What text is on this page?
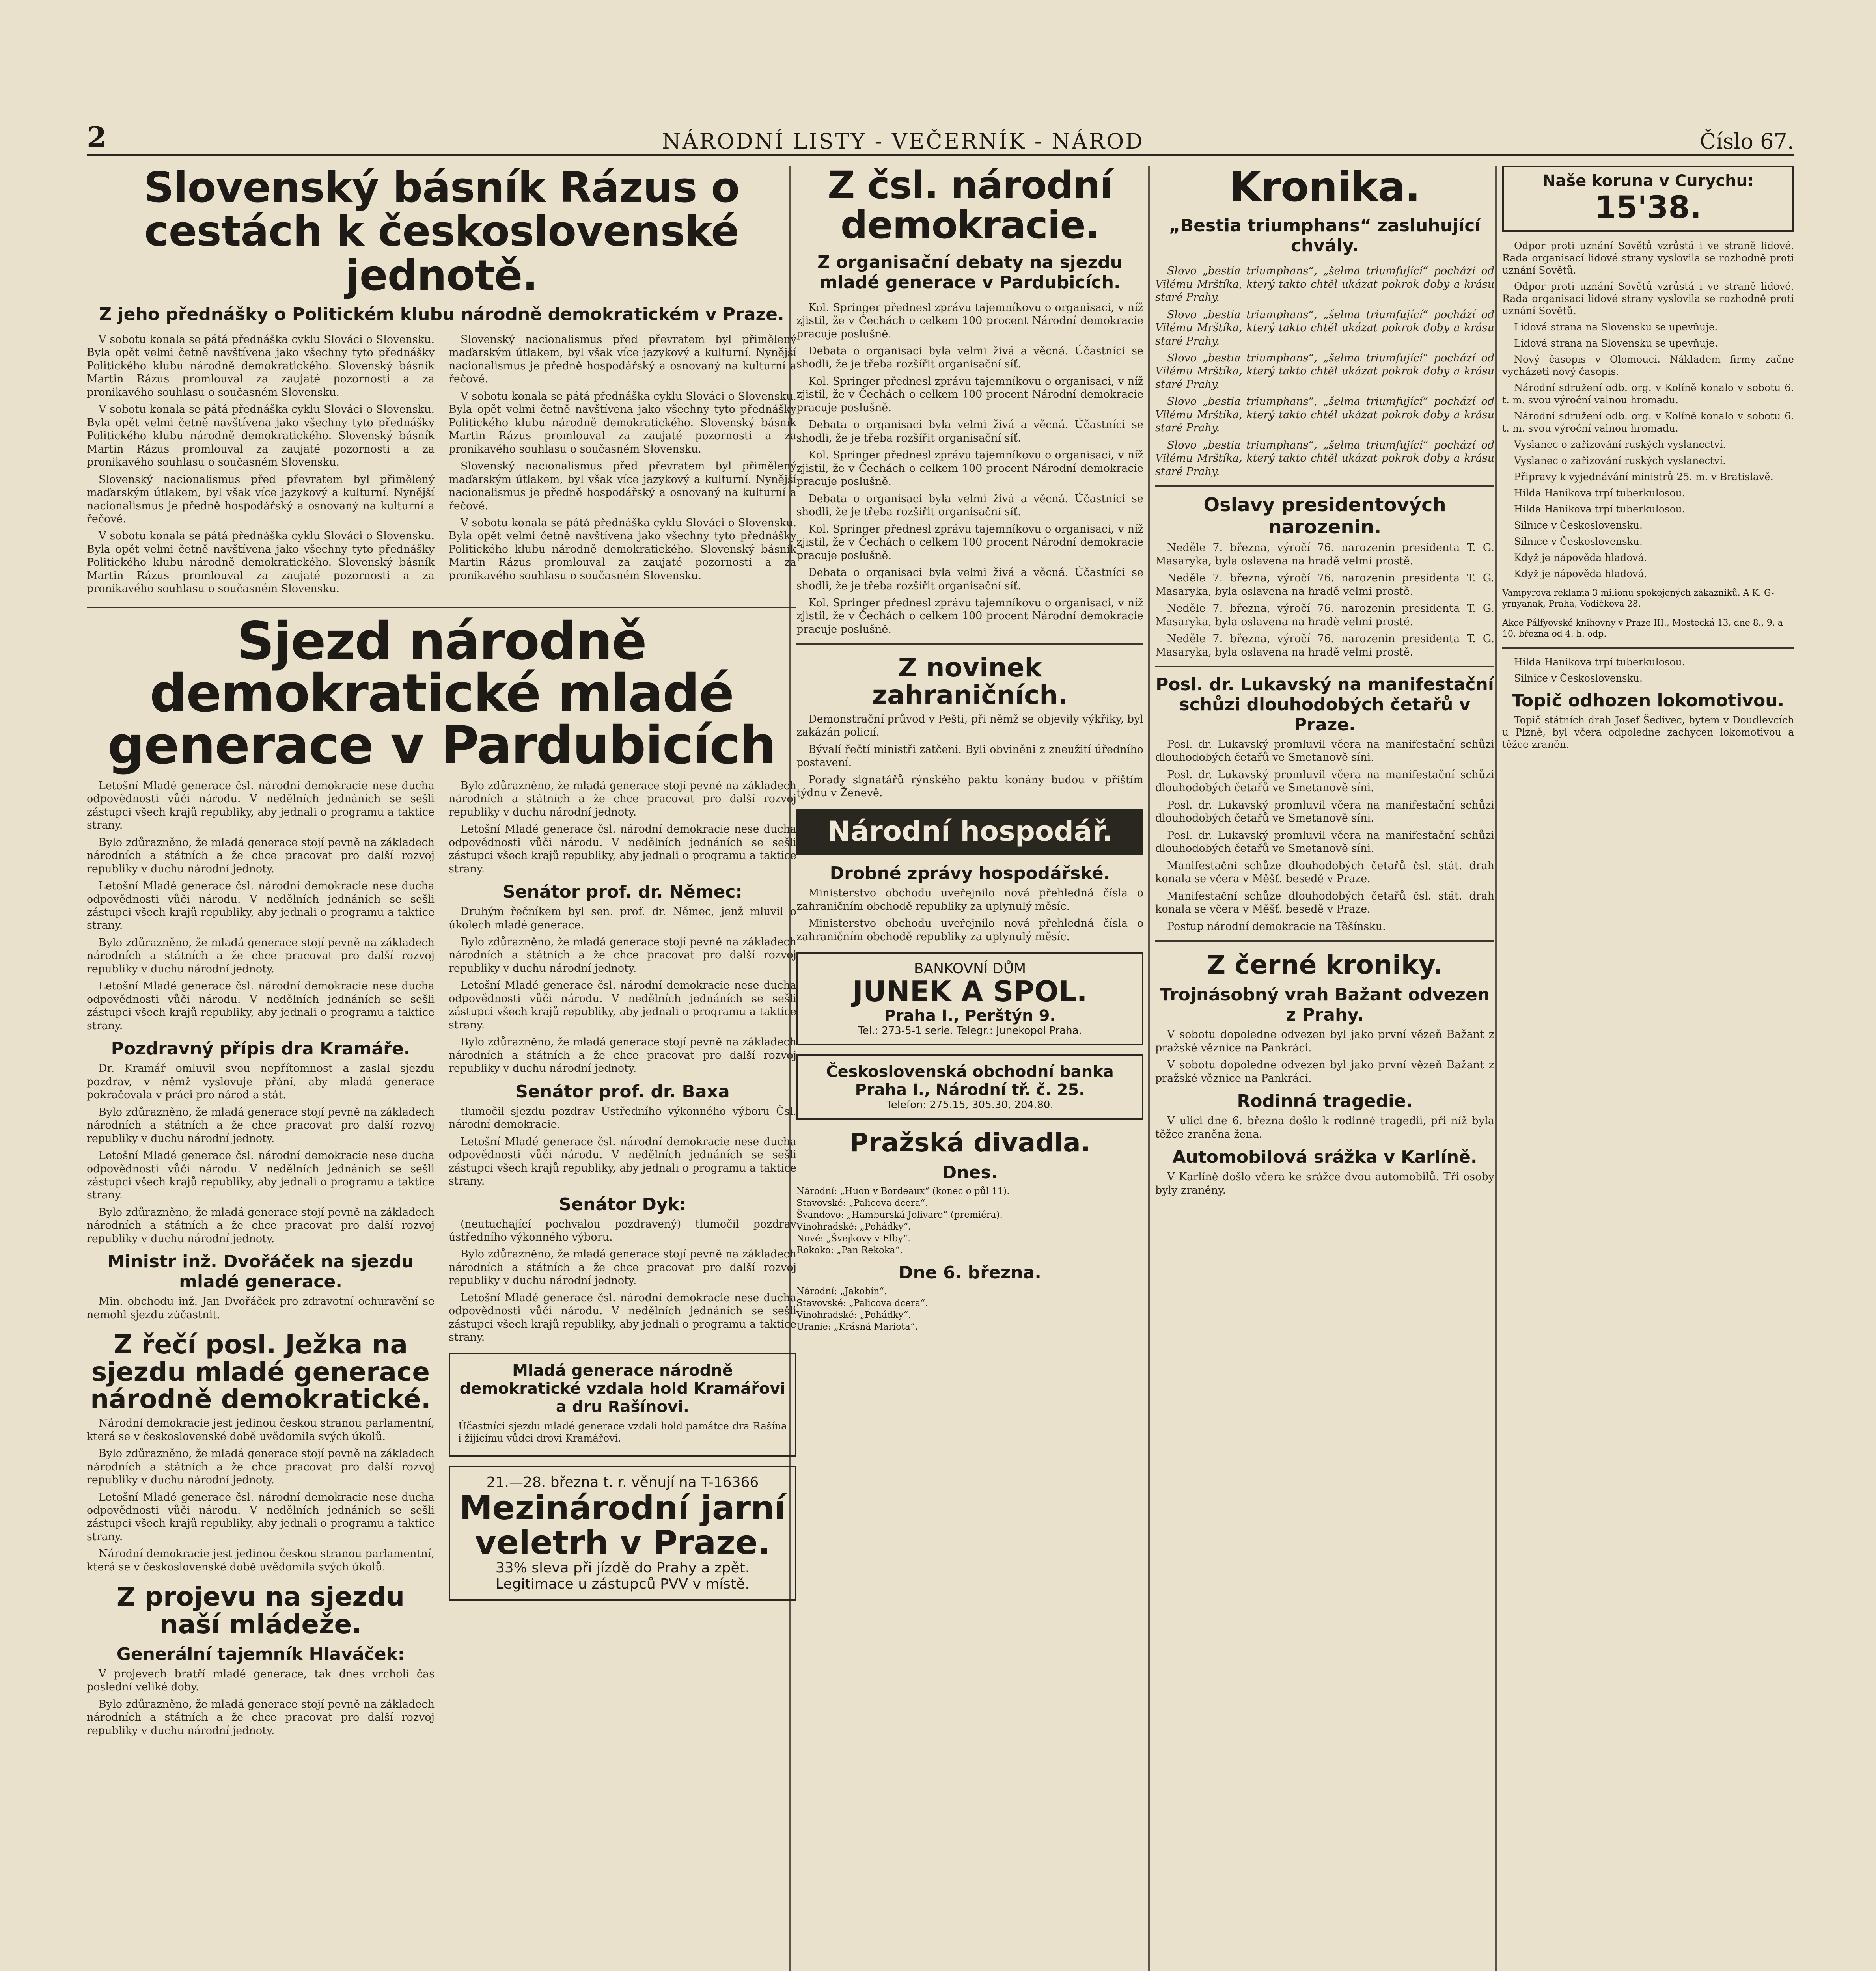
2	NÁRODNÍ LISTY - VEČERNÍK - NÁROD	Číslo 67.
Slovenský básník Rázus o cestách k československé jednotě.
Z jeho přednášky o Politickém klubu národně demokratickém v Praze.

V sobotu konala se pátá přednáška cyklu Slováci o Slovensku. Byla opět velmi četně navštívena jako všechny tyto přednášky Politického klubu národně demokratického. Slovenský básník Martin Rázus promlouval za zaujaté pozornosti a za pronikavého souhlasu o současném Slovensku.

V sobotu konala se pátá přednáška cyklu Slováci o Slovensku. Byla opět velmi četně navštívena jako všechny tyto přednášky Politického klubu národně demokratického. Slovenský básník Martin Rázus promlouval za zaujaté pozornosti a za pronikavého souhlasu o současném Slovensku.

Slovenský nacionalismus před převratem byl přimělený maďarským útlakem, byl však více jazykový a kulturní. Nynější nacionalismus je předně hospodářský a osnovaný na kulturní a řečové.

V sobotu konala se pátá přednáška cyklu Slováci o Slovensku. Byla opět velmi četně navštívena jako všechny tyto přednášky Politického klubu národně demokratického. Slovenský básník Martin Rázus promlouval za zaujaté pozornosti a za pronikavého souhlasu o současném Slovensku.

Slovenský nacionalismus před převratem byl přimělený maďarským útlakem, byl však více jazykový a kulturní. Nynější nacionalismus je předně hospodářský a osnovaný na kulturní a řečové.

V sobotu konala se pátá přednáška cyklu Slováci o Slovensku. Byla opět velmi četně navštívena jako všechny tyto přednášky Politického klubu národně demokratického. Slovenský básník Martin Rázus promlouval za zaujaté pozornosti a za pronikavého souhlasu o současném Slovensku.

Slovenský nacionalismus před převratem byl přimělený maďarským útlakem, byl však více jazykový a kulturní. Nynější nacionalismus je předně hospodářský a osnovaný na kulturní a řečové.

V sobotu konala se pátá přednáška cyklu Slováci o Slovensku. Byla opět velmi četně navštívena jako všechny tyto přednášky Politického klubu národně demokratického. Slovenský básník Martin Rázus promlouval za zaujaté pozornosti a za pronikavého souhlasu o současném Slovensku.

Sjezd národně demokratické mladé generace v Pardubicích

Letošní Mladé generace čsl. národní demokracie nese ducha odpovědnosti vůči národu. V nedělních jednáních se sešli zástupci všech krajů republiky, aby jednali o programu a taktice strany.

Bylo zdůrazněno, že mladá generace stojí pevně na základech národních a státních a že chce pracovat pro další rozvoj republiky v duchu národní jednoty.

Letošní Mladé generace čsl. národní demokracie nese ducha odpovědnosti vůči národu. V nedělních jednáních se sešli zástupci všech krajů republiky, aby jednali o programu a taktice strany.

Bylo zdůrazněno, že mladá generace stojí pevně na základech národních a státních a že chce pracovat pro další rozvoj republiky v duchu národní jednoty.

Letošní Mladé generace čsl. národní demokracie nese ducha odpovědnosti vůči národu. V nedělních jednáních se sešli zástupci všech krajů republiky, aby jednali o programu a taktice strany.

Pozdravný přípis dra Kramáře.

Dr. Kramář omluvil svou nepřítomnost a zaslal sjezdu pozdrav, v němž vyslovuje přání, aby mladá generace pokračovala v práci pro národ a stát.

Bylo zdůrazněno, že mladá generace stojí pevně na základech národních a státních a že chce pracovat pro další rozvoj republiky v duchu národní jednoty.

Letošní Mladé generace čsl. národní demokracie nese ducha odpovědnosti vůči národu. V nedělních jednáních se sešli zástupci všech krajů republiky, aby jednali o programu a taktice strany.

Bylo zdůrazněno, že mladá generace stojí pevně na základech národních a státních a že chce pracovat pro další rozvoj republiky v duchu národní jednoty.

Ministr inž. Dvořáček na sjezdu mladé generace.

Min. obchodu inž. Jan Dvořáček pro zdravotní ochuravění se nemohl sjezdu zúčastnit.

Z řečí posl. Ježka na sjezdu mladé generace národně demokratické.

Národní demokracie jest jedinou českou stranou parlamentní, která se v československé době uvědomila svých úkolů.

Bylo zdůrazněno, že mladá generace stojí pevně na základech národních a státních a že chce pracovat pro další rozvoj republiky v duchu národní jednoty.

Letošní Mladé generace čsl. národní demokracie nese ducha odpovědnosti vůči národu. V nedělních jednáních se sešli zástupci všech krajů republiky, aby jednali o programu a taktice strany.

Národní demokracie jest jedinou českou stranou parlamentní, která se v československé době uvědomila svých úkolů.

Z projevu na sjezdu naší mládeže.
Generální tajemník Hlaváček:

V projevech bratří mladé generace, tak dnes vrcholí čas poslední veliké doby.

Bylo zdůrazněno, že mladá generace stojí pevně na základech národních a státních a že chce pracovat pro další rozvoj republiky v duchu národní jednoty.

Bylo zdůrazněno, že mladá generace stojí pevně na základech národních a státních a že chce pracovat pro další rozvoj republiky v duchu národní jednoty.

Letošní Mladé generace čsl. národní demokracie nese ducha odpovědnosti vůči národu. V nedělních jednáních se sešli zástupci všech krajů republiky, aby jednali o programu a taktice strany.

Senátor prof. dr. Němec:

Druhým řečníkem byl sen. prof. dr. Němec, jenž mluvil o úkolech mladé generace.

Bylo zdůrazněno, že mladá generace stojí pevně na základech národních a státních a že chce pracovat pro další rozvoj republiky v duchu národní jednoty.

Letošní Mladé generace čsl. národní demokracie nese ducha odpovědnosti vůči národu. V nedělních jednáních se sešli zástupci všech krajů republiky, aby jednali o programu a taktice strany.

Bylo zdůrazněno, že mladá generace stojí pevně na základech národních a státních a že chce pracovat pro další rozvoj republiky v duchu národní jednoty.

Senátor prof. dr. Baxa

tlumočil sjezdu pozdrav Ústředního výkonného výboru Čsl. národní demokracie.

Letošní Mladé generace čsl. národní demokracie nese ducha odpovědnosti vůči národu. V nedělních jednáních se sešli zástupci všech krajů republiky, aby jednali o programu a taktice strany.

Senátor Dyk:

(neutuchající pochvalou pozdravený) tlumočil pozdrav ústředního výkonného výboru.

Bylo zdůrazněno, že mladá generace stojí pevně na základech národních a státních a že chce pracovat pro další rozvoj republiky v duchu národní jednoty.

Letošní Mladé generace čsl. národní demokracie nese ducha odpovědnosti vůči národu. V nedělních jednáních se sešli zástupci všech krajů republiky, aby jednali o programu a taktice strany.

Mladá generace národně demokratické vzdala hold Kramářovi a dru Rašínovi.

Účastníci sjezdu mladé generace vzdali hold památce dra Rašína i žijícímu vůdci drovi Kramářovi.

21.—28. března t. r. věnují na T-16366
Mezinárodní jarní veletrh v Praze.
33% sleva při jízdě do Prahy a zpět. Legitimace u zástupců PVV v místě.
Z čsl. národní demokracie.
Z organisační debaty na sjezdu mladé generace v Pardubicích.

Kol. Springer přednesl zprávu tajemníkovu o organisaci, v níž zjistil, že v Čechách o celkem 100 procent Národní demokracie pracuje poslušně.

Debata o organisaci byla velmi živá a věcná. Účastníci se shodli, že je třeba rozšířit organisační síť.

Kol. Springer přednesl zprávu tajemníkovu o organisaci, v níž zjistil, že v Čechách o celkem 100 procent Národní demokracie pracuje poslušně.

Debata o organisaci byla velmi živá a věcná. Účastníci se shodli, že je třeba rozšířit organisační síť.

Kol. Springer přednesl zprávu tajemníkovu o organisaci, v níž zjistil, že v Čechách o celkem 100 procent Národní demokracie pracuje poslušně.

Debata o organisaci byla velmi živá a věcná. Účastníci se shodli, že je třeba rozšířit organisační síť.

Kol. Springer přednesl zprávu tajemníkovu o organisaci, v níž zjistil, že v Čechách o celkem 100 procent Národní demokracie pracuje poslušně.

Debata o organisaci byla velmi živá a věcná. Účastníci se shodli, že je třeba rozšířit organisační síť.

Kol. Springer přednesl zprávu tajemníkovu o organisaci, v níž zjistil, že v Čechách o celkem 100 procent Národní demokracie pracuje poslušně.

Z novinek zahraničních.

Demonstrační průvod v Pešti, při němž se objevily výkřiky, byl zakázán policií.

Bývalí řečtí ministři zatčeni. Byli obviněni z zneužití úředního postavení.

Porady signatářů rýnského paktu konány budou v příštím týdnu v Ženevě.

Národní hospodář.
Drobné zprávy hospodářské.

Ministerstvo obchodu uveřejnilo nová přehledná čísla o zahraničním obchodě republiky za uplynulý měsíc.

Ministerstvo obchodu uveřejnilo nová přehledná čísla o zahraničním obchodě republiky za uplynulý měsíc.

BANKOVNÍ DŮM
JUNEK A SPOL.
Praha I., Perštýn 9.
Tel.: 273-5-1 serie. Telegr.: Junekopol Praha.
Československá obchodní banka
Praha I., Národní tř. č. 25.
Telefon: 275.15, 305.30, 204.80.
Pražská divadla.
Dnes.
Národní: „Huon v Bordeaux“ (konec o půl 11).
Stavovské: „Palicova dcera“.
Švandovo: „Hamburská Jolivare“ (premiéra).
Vinohradské: „Pohádky“.
Nové: „Švejkovy v Elby“.
Rokoko: „Pan Rekoka“.
Dne 6. března.
Národní: „Jakobín“.
Stavovské: „Palicova dcera“.
Vinohradské: „Pohádky“.
Uranie: „Krásná Mariota“.
Kronika.
„Bestia triumphans“ zasluhující chvály.

Slovo „bestia triumphans“, „šelma triumfující“ pochází od Vilému Mrštíka, který takto chtěl ukázat pokrok doby a krásu staré Prahy.

Slovo „bestia triumphans“, „šelma triumfující“ pochází od Vilému Mrštíka, který takto chtěl ukázat pokrok doby a krásu staré Prahy.

Slovo „bestia triumphans“, „šelma triumfující“ pochází od Vilému Mrštíka, který takto chtěl ukázat pokrok doby a krásu staré Prahy.

Slovo „bestia triumphans“, „šelma triumfující“ pochází od Vilému Mrštíka, který takto chtěl ukázat pokrok doby a krásu staré Prahy.

Slovo „bestia triumphans“, „šelma triumfující“ pochází od Vilému Mrštíka, který takto chtěl ukázat pokrok doby a krásu staré Prahy.

Oslavy presidentových narozenin.

Neděle 7. března, výročí 76. narozenin presidenta T. G. Masaryka, byla oslavena na hradě velmi prostě.

Neděle 7. března, výročí 76. narozenin presidenta T. G. Masaryka, byla oslavena na hradě velmi prostě.

Neděle 7. března, výročí 76. narozenin presidenta T. G. Masaryka, byla oslavena na hradě velmi prostě.

Neděle 7. března, výročí 76. narozenin presidenta T. G. Masaryka, byla oslavena na hradě velmi prostě.

Posl. dr. Lukavský na manifestační schůzi dlouhodobých četařů v Praze.

Posl. dr. Lukavský promluvil včera na manifestační schůzi dlouhodobých četařů ve Smetanově síni.

Posl. dr. Lukavský promluvil včera na manifestační schůzi dlouhodobých četařů ve Smetanově síni.

Posl. dr. Lukavský promluvil včera na manifestační schůzi dlouhodobých četařů ve Smetanově síni.

Posl. dr. Lukavský promluvil včera na manifestační schůzi dlouhodobých četařů ve Smetanově síni.

Manifestační schůze dlouhodobých četařů čsl. stát. drah konala se včera v Měšť. besedě v Praze.

Manifestační schůze dlouhodobých četařů čsl. stát. drah konala se včera v Měšť. besedě v Praze.

Postup národní demokracie na Těšínsku.

Z černé kroniky.
Trojnásobný vrah Bažant odvezen z Prahy.

V sobotu dopoledne odvezen byl jako první vězeň Bažant z pražské věznice na Pankráci.

V sobotu dopoledne odvezen byl jako první vězeň Bažant z pražské věznice na Pankráci.

Rodinná tragedie.

V ulici dne 6. března došlo k rodinné tragedii, při níž byla těžce zraněna žena.

Automobilová srážka v Karlíně.

V Karlíně došlo včera ke srážce dvou automobilů. Tři osoby byly zraněny.

Naše koruna v Curychu:
15'38.

Odpor proti uznání Sovětů vzrůstá i ve straně lidové. Rada organisací lidové strany vyslovila se rozhodně proti uznání Sovětů.

Odpor proti uznání Sovětů vzrůstá i ve straně lidové. Rada organisací lidové strany vyslovila se rozhodně proti uznání Sovětů.

Lidová strana na Slovensku se upevňuje.

Lidová strana na Slovensku se upevňuje.

Nový časopis v Olomouci. Nákladem firmy začne vycházeti nový časopis.

Národní sdružení odb. org. v Kolíně konalo v sobotu 6. t. m. svou výroční valnou hromadu.

Národní sdružení odb. org. v Kolíně konalo v sobotu 6. t. m. svou výroční valnou hromadu.

Vyslanec o zařizování ruských vyslanectví.

Vyslanec o zařizování ruských vyslanectví.

Připravy k vyjednávání ministrů 25. m. v Bratislavě.

Hilda Hanikova trpí tuberkulosou.

Hilda Hanikova trpí tuberkulosou.

Silnice v Československu.

Silnice v Československu.

Když je nápověda hladová.

Když je nápověda hladová.

Vampyrova reklama 3 milionu spokojených zákazníků. A K. G-yrnyanak, Praha, Vodičkova 28.
Akce Pálfyovské knihovny v Praze III., Mostecká 13, dne 8., 9. a 10. března od 4. h. odp.

Hilda Hanikova trpí tuberkulosou.

Silnice v Československu.

Topič odhozen lokomotivou.

Topič státních drah Josef Šedivec, bytem v Doudlevcích u Plzně, byl včera odpoledne zachycen lokomotivou a těžce zraněn.
